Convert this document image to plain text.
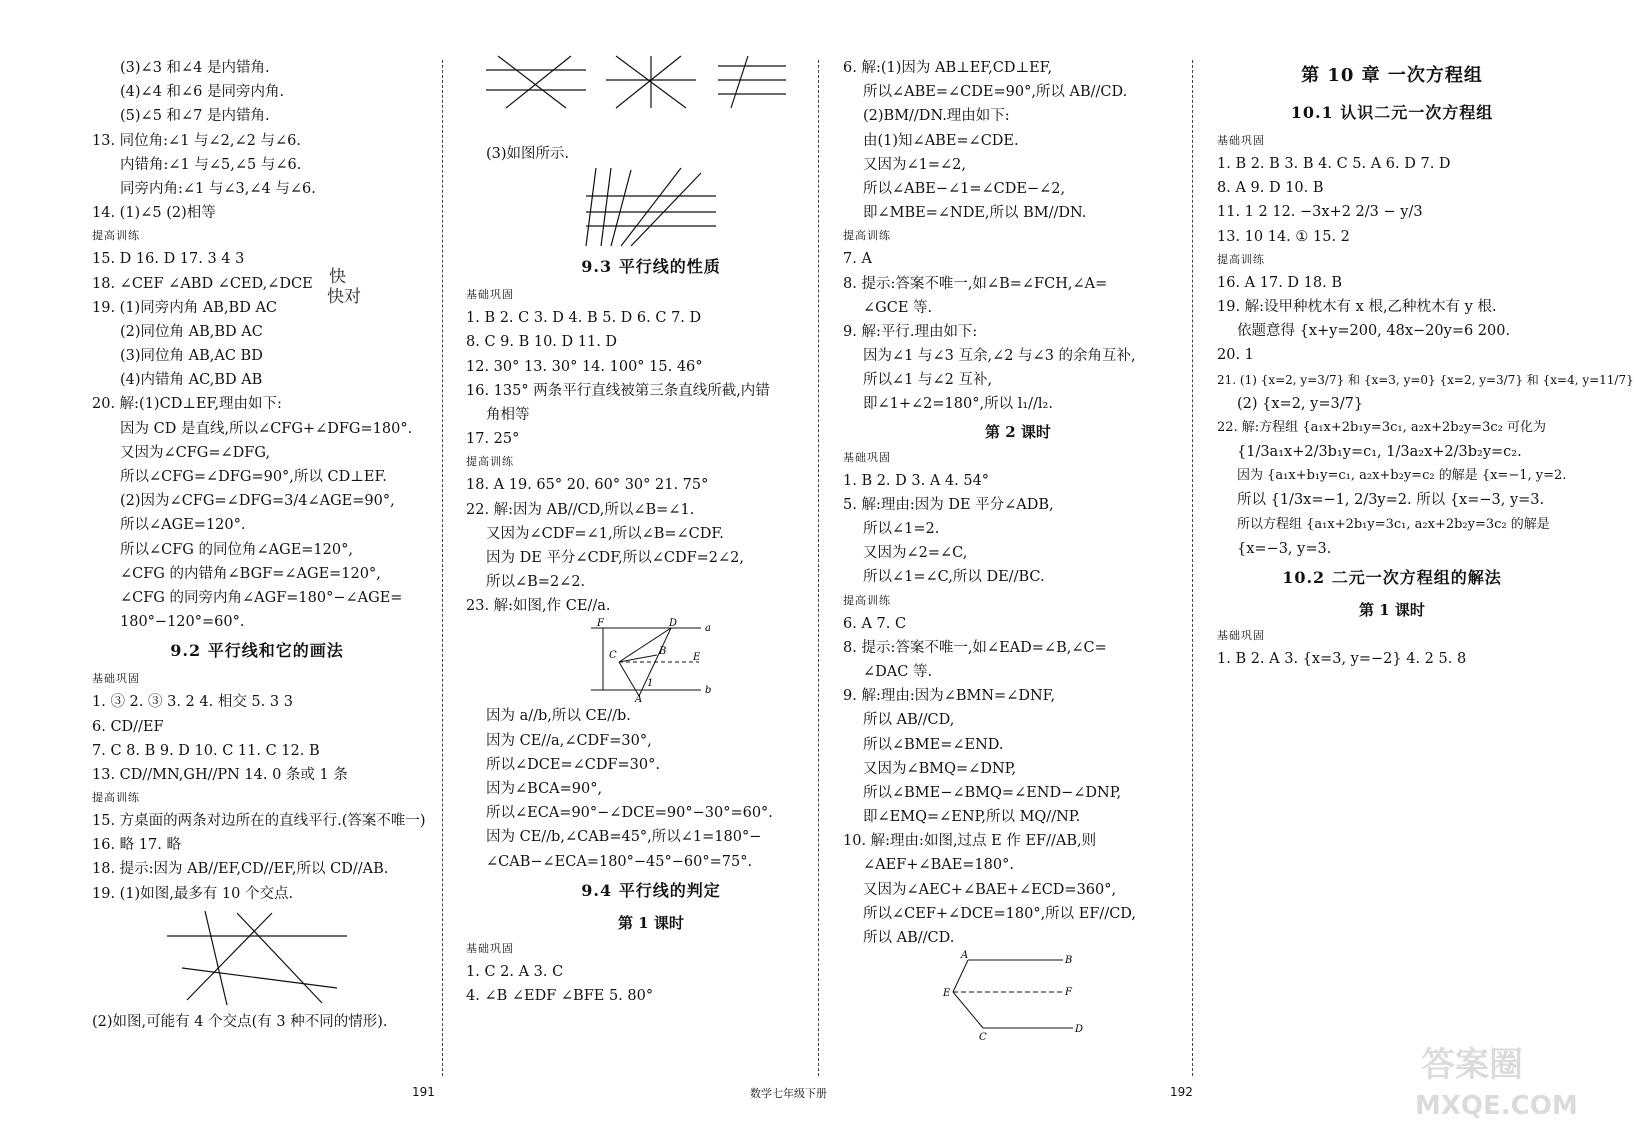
(3)∠3 和∠4 是内错角.
(4)∠4 和∠6 是同旁内角.
(5)∠5 和∠7 是内错角.
13. 同位角:∠1 与∠2,∠2 与∠6.
内错角:∠1 与∠5,∠5 与∠6.
同旁内角:∠1 与∠3,∠4 与∠6.
14. (1)∠5 (2)相等
提高训练
15. D 16. D 17. 3 4 3
18. ∠CEF ∠ABD ∠CED,∠DCE
19. (1)同旁内角 AB,BD AC
(2)同位角 AB,BD AC
(3)同位角 AB,AC BD
(4)内错角 AC,BD AB
20. 解:(1)CD⊥EF,理由如下:
因为 CD 是直线,所以∠CFG+∠DFG=180°.
又因为∠CFG=∠DFG,
所以∠CFG=∠DFG=90°,所以 CD⊥EF.
(2)因为∠CFG=∠DFG=3/4∠AGE=90°,
所以∠AGE=120°.
所以∠CFG 的同位角∠AGE=120°,
∠CFG 的内错角∠BGF=∠AGE=120°,
∠CFG 的同旁内角∠AGF=180°−∠AGE=
180°−120°=60°.
9.2 平行线和它的画法
基础巩固
1. ③ 2. ③ 3. 2 4. 相交 5. 3 3
6. CD//EF
7. C 8. B 9. D 10. C 11. C 12. B
13. CD//MN,GH//PN 14. 0 条或 1 条
提高训练
15. 方桌面的两条对边所在的直线平行.(答案不唯一)
16. 略 17. 略
18. 提示:因为 AB//EF,CD//EF,所以 CD//AB.
19. (1)如图,最多有 10 个交点.
(2)如图,可能有 4 个交点(有 3 种不同的情形).
快
快对
(3)如图所示.
9.3 平行线的性质
基础巩固
1. B 2. C 3. D 4. B 5. D 6. C 7. D
8. C 9. B 10. D 11. D
12. 30° 13. 30° 14. 100° 15. 46°
16. 135° 两条平行直线被第三条直线所截,内错
角相等
17. 25°
提高训练
18. A 19. 65° 20. 60° 30° 21. 75°
22. 解:因为 AB//CD,所以∠B=∠1.
又因为∠CDF=∠1,所以∠B=∠CDF.
因为 DE 平分∠CDF,所以∠CDF=2∠2,
所以∠B=2∠2.
23. 解:如图,作 CE//a.
F	D	a
C	B
E
A
1
b
因为 a//b,所以 CE//b.
因为 CE//a,∠CDF=30°,
所以∠DCE=∠CDF=30°.
因为∠BCA=90°,
所以∠ECA=90°−∠DCE=90°−30°=60°.
因为 CE//b,∠CAB=45°,所以∠1=180°−
∠CAB−∠ECA=180°−45°−60°=75°.
9.4 平行线的判定
第 1 课时
基础巩固
1. C 2. A 3. C
4. ∠B ∠EDF ∠BFE 5. 80°
6. 解:(1)因为 AB⊥EF,CD⊥EF,
所以∠ABE=∠CDE=90°,所以 AB//CD.
(2)BM//DN.理由如下:
由(1)知∠ABE=∠CDE.
又因为∠1=∠2,
所以∠ABE−∠1=∠CDE−∠2,
即∠MBE=∠NDE,所以 BM//DN.
提高训练
7. A
8. 提示:答案不唯一,如∠B=∠FCH,∠A=
∠GCE 等.
9. 解:平行.理由如下:
因为∠1 与∠3 互余,∠2 与∠3 的余角互补,
所以∠1 与∠2 互补,
即∠1+∠2=180°,所以 l₁//l₂.
第 2 课时
基础巩固
1. B 2. D 3. A 4. 54°
5. 解:理由:因为 DE 平分∠ADB,
所以∠1=2.
又因为∠2=∠C,
所以∠1=∠C,所以 DE//BC.
提高训练
6. A 7. C
8. 提示:答案不唯一,如∠EAD=∠B,∠C=
∠DAC 等.
9. 解:理由:因为∠BMN=∠DNF,
所以 AB//CD,
所以∠BME=∠END.
又因为∠BMQ=∠DNP,
所以∠BME−∠BMQ=∠END−∠DNP,
即∠EMQ=∠ENP,所以 MQ//NP.
10. 解:理由:如图,过点 E 作 EF//AB,则
∠AEF+∠BAE=180°.
又因为∠AEC+∠BAE+∠ECD=360°,
所以∠CEF+∠DCE=180°,所以 EF//CD,
所以 AB//CD.
A	B
E	F
C
D
第 10 章 一次方程组
10.1 认识二元一次方程组
基础巩固
1. B 2. B 3. B 4. C 5. A 6. D 7. D
8. A 9. D 10. B
11. 1 2 12. −3x+2 2/3 − y/3
13. 10 14. ① 15. 2
提高训练
16. A 17. D 18. B
19. 解:设甲种枕木有 x 根,乙种枕木有 y 根.
依题意得 {x+y=200, 48x−20y=6 200.
20. 1
21. (1) {x=2, y=3/7} 和 {x=3, y=0} {x=2, y=3/7} 和 {x=4, y=11/7}
(2) {x=2, y=3/7}
22. 解:方程组 {a₁x+2b₁y=3c₁, a₂x+2b₂y=3c₂ 可化为
{1/3a₁x+2/3b₁y=c₁, 1/3a₂x+2/3b₂y=c₂.
因为 {a₁x+b₁y=c₁, a₂x+b₂y=c₂ 的解是 {x=−1, y=2.
所以 {1/3x=−1, 2/3y=2. 所以 {x=−3, y=3.
所以方程组 {a₁x+2b₁y=3c₁, a₂x+2b₂y=3c₂ 的解是
{x=−3, y=3.
10.2 二元一次方程组的解法
第 1 课时
基础巩固
1. B 2. A 3. {x=3, y=−2} 4. 2 5. 8
191	数学七年级下册	192
答案圈
MXQE.COM
